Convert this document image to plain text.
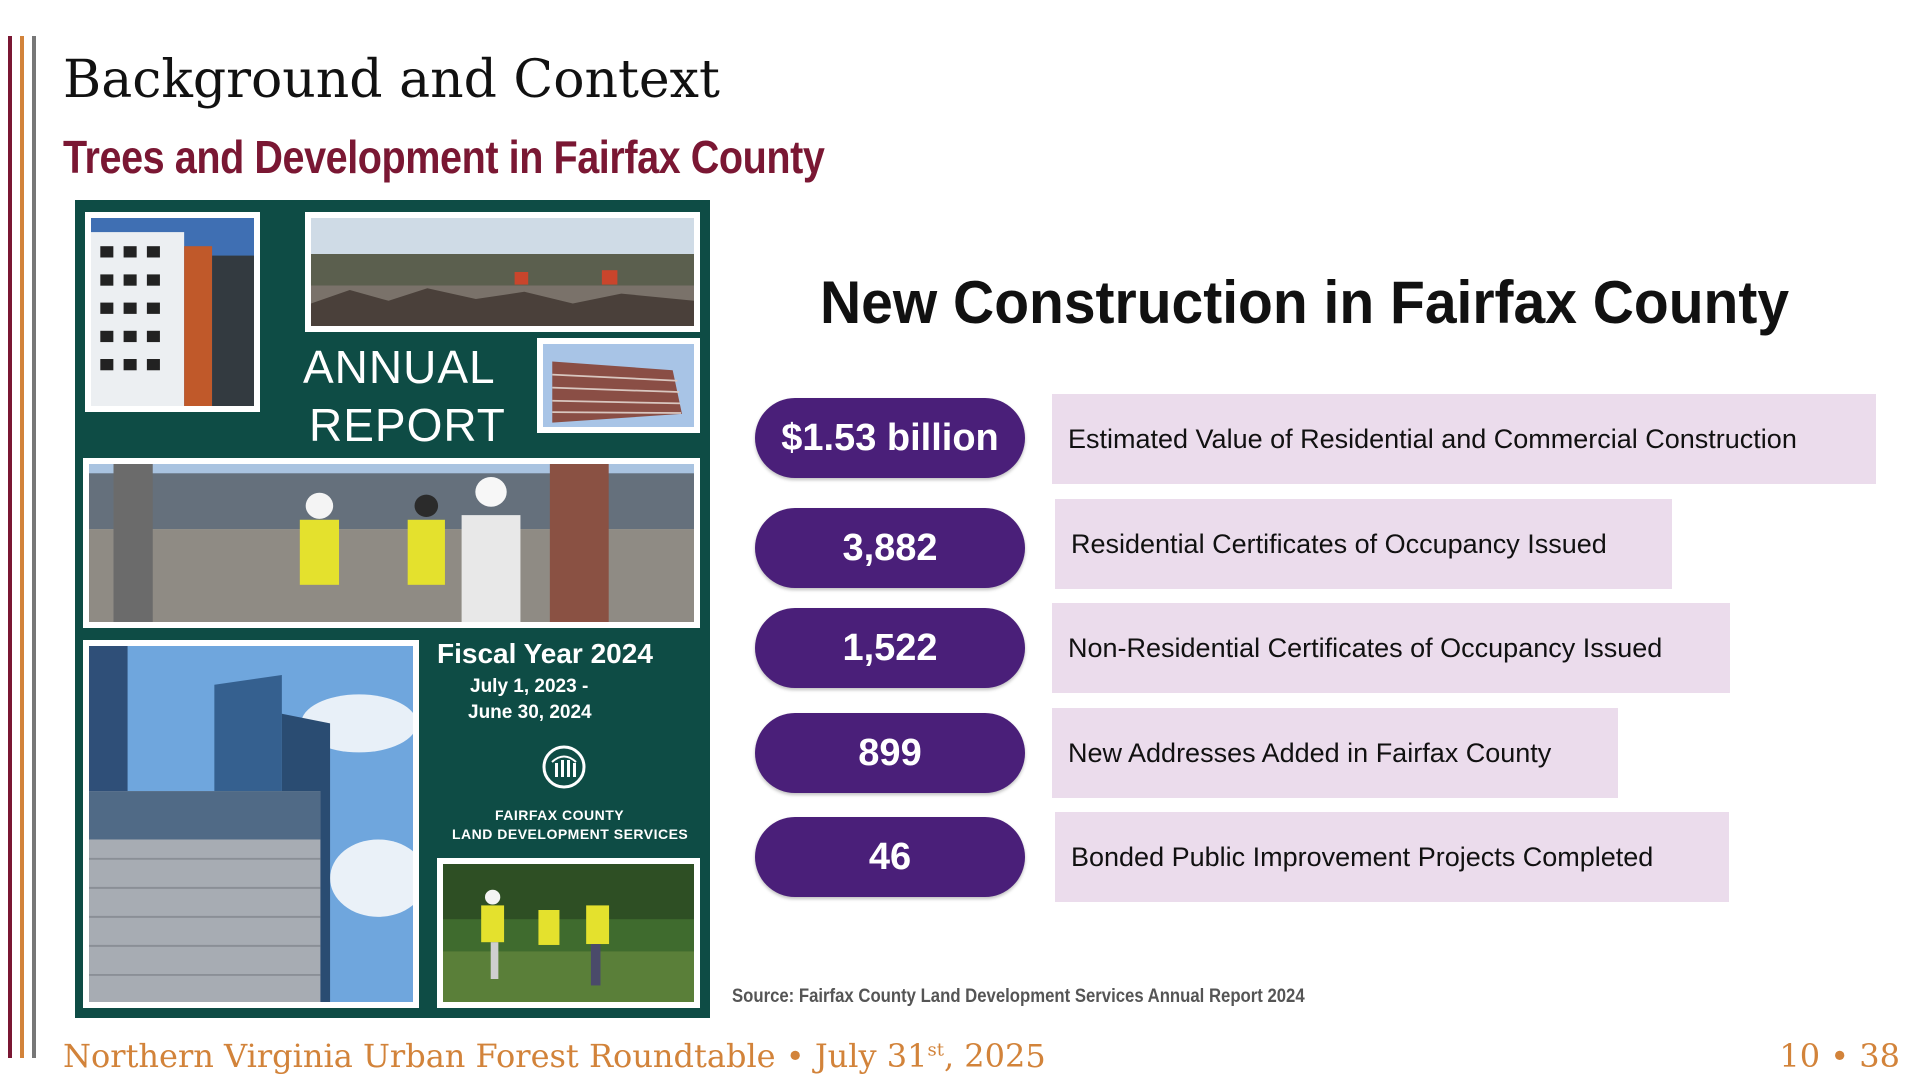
Background and Context
Trees and Development in Fairfax County
ANNUAL
REPORT
Fiscal Year 2024
July 1, 2023 -
June 30, 2024
FAIRFAX COUNTY
LAND DEVELOPMENT SERVICES
New Construction in Fairfax County
Estimated Value of Residential and Commercial Construction
$1.53 billion
Residential Certificates of Occupancy Issued
3,882
Non-Residential Certificates of Occupancy Issued
1,522
New Addresses Added in Fairfax County
899
Bonded Public Improvement Projects Completed
46
Source: Fairfax County Land Development Services Annual Report 2024
Northern Virginia Urban Forest Roundtable • July 31st, 2025	10 • 38
